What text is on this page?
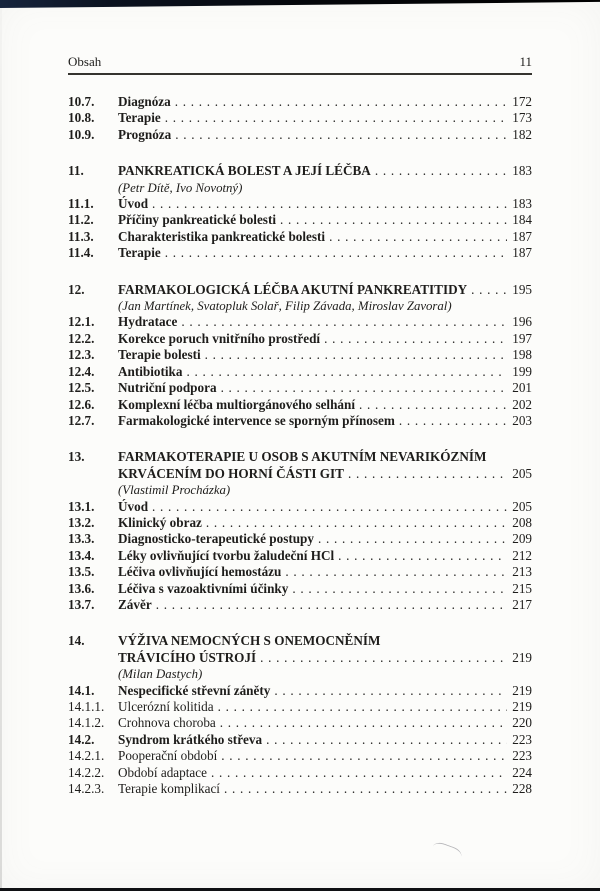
Obsah	11
10.7.	Diagnóza .....	172
10.8.	Terapie .....	173
10.9.	Prognóza .....	182
11.	PANKREATICKÁ BOLEST A JEJÍ LÉČBA .....	183
(Petr Dítě, Ivo Novotný)
11.1.	Úvod .....	183
11.2.	Příčiny pankreatické bolesti .....	184
11.3.	Charakteristika pankreatické bolesti .....	187
11.4.	Terapie .....	187
12.	FARMAKOLOGICKÁ LÉČBA AKUTNÍ PANKREATITIDY .....	195
(Jan Martínek, Svatopluk Solař, Filip Závada, Miroslav Zavoral)
12.1.	Hydratace .....	196
12.2.	Korekce poruch vnitřního prostředí .....	197
12.3.	Terapie bolesti .....	198
12.4.	Antibiotika .....	199
12.5.	Nutriční podpora .....	201
12.6.	Komplexní léčba multiorgánového selhání .....	202
12.7.	Farmakologické intervence se sporným přínosem .....	203
13.	FARMAKOTERAPIE U OSOB S AKUTNÍM NEVARIKÓZNÍM
KRVÁCENÍM DO HORNÍ ČÁSTI GIT .....	205
(Vlastimil Procházka)
13.1.	Úvod .....	205
13.2.	Klinický obraz .....	208
13.3.	Diagnosticko-terapeutické postupy .....	209
13.4.	Léky ovlivňující tvorbu žaludeční HCl .....	212
13.5.	Léčiva ovlivňující hemostázu .....	213
13.6.	Léčiva s vazoaktivními účinky .....	215
13.7.	Závěr .....	217
14.	VÝŽIVA NEMOCNÝCH S ONEMOCNĚNÍM
TRÁVICÍHO ÚSTROJÍ .....	219
(Milan Dastych)
14.1.	Nespecifické střevní záněty .....	219
14.1.1.	Ulcerózní kolitida .....	219
14.1.2.	Crohnova choroba .....	220
14.2.	Syndrom krátkého střeva .....	223
14.2.1.	Pooperační období .....	223
14.2.2.	Období adaptace .....	224
14.2.3.	Terapie komplikací .....	228
